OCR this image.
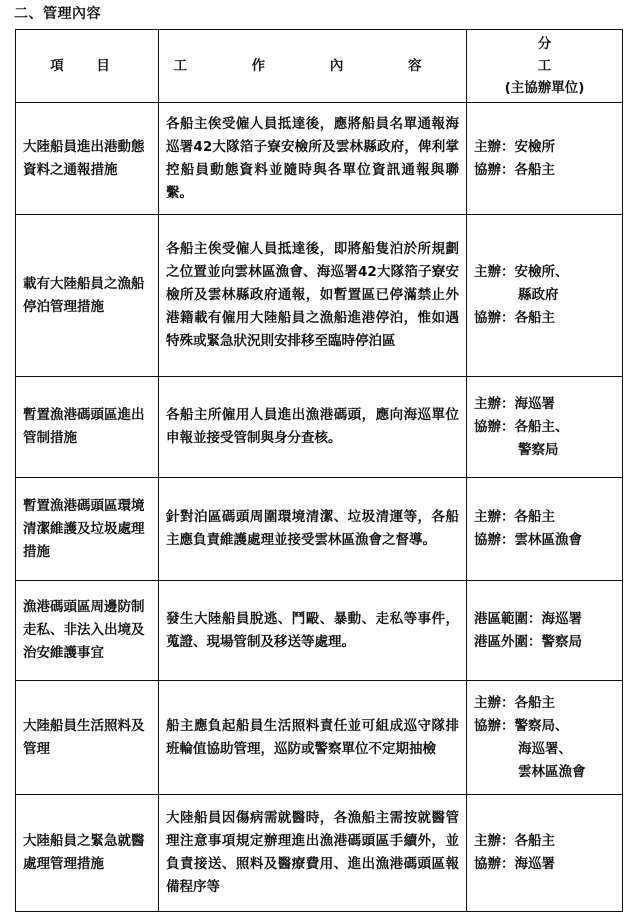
二、管理內容
項 目	工 作 內 容	分 工
(主協辦單位)
大陸船員進出港動態資料之通報措施	各船主俟受僱人員抵達後，應將船員名單通報海巡署42大隊箔子寮安檢所及雲林縣政府，俾利掌控船員動態資料並隨時與各單位資訊通報與聯繫。	主辦：安檢所
協辦：各船主

載有大陸船員之漁船停泊管理措施	各船主俟受僱人員抵達後，即將船隻泊於所規劃之位置並向雲林區漁會、海巡署42大隊箔子寮安檢所及雲林縣政府通報，如暫置區已停滿禁止外港籍載有僱用大陸船員之漁船進港停泊，惟如遇特殊或緊急狀況則安排移至臨時停泊區	主辦：安檢所、
縣政府
協辦：各船主

暫置漁港碼頭區進出管制措施	各船主所僱用人員進出漁港碼頭，應向海巡單位申報並接受管制與身分查核。	主辦：海巡署
協辦：各船主、
警察局

暫置漁港碼頭區環境清潔維護及垃圾處理措施	針對泊區碼頭周圍環境清潔、垃圾清運等，各船主應負責維護處理並接受雲林區漁會之督導。	主辦：各船主
協辦：雲林區漁會

漁港碼頭區周邊防制走私、非法入出境及治安維護事宜	發生大陸船員脫逃、鬥毆、暴動、走私等事件，蒐證、現場管制及移送等處理。	港區範圍：海巡署
港區外圍：警察局

大陸船員生活照料及管理	船主應負起船員生活照料責任並可組成巡守隊排班輪值協助管理，巡防或警察單位不定期抽檢	主辦：各船主
協辦：警察局、
海巡署、
雲林區漁會

大陸船員之緊急就醫處理管理措施	大陸船員因傷病需就醫時，各漁船主需按就醫管理注意事項規定辦理進出漁港碼頭區手續外，並負責接送、照料及醫療費用、進出漁港碼頭區報備程序等	主辦：各船主
協辦：海巡署
